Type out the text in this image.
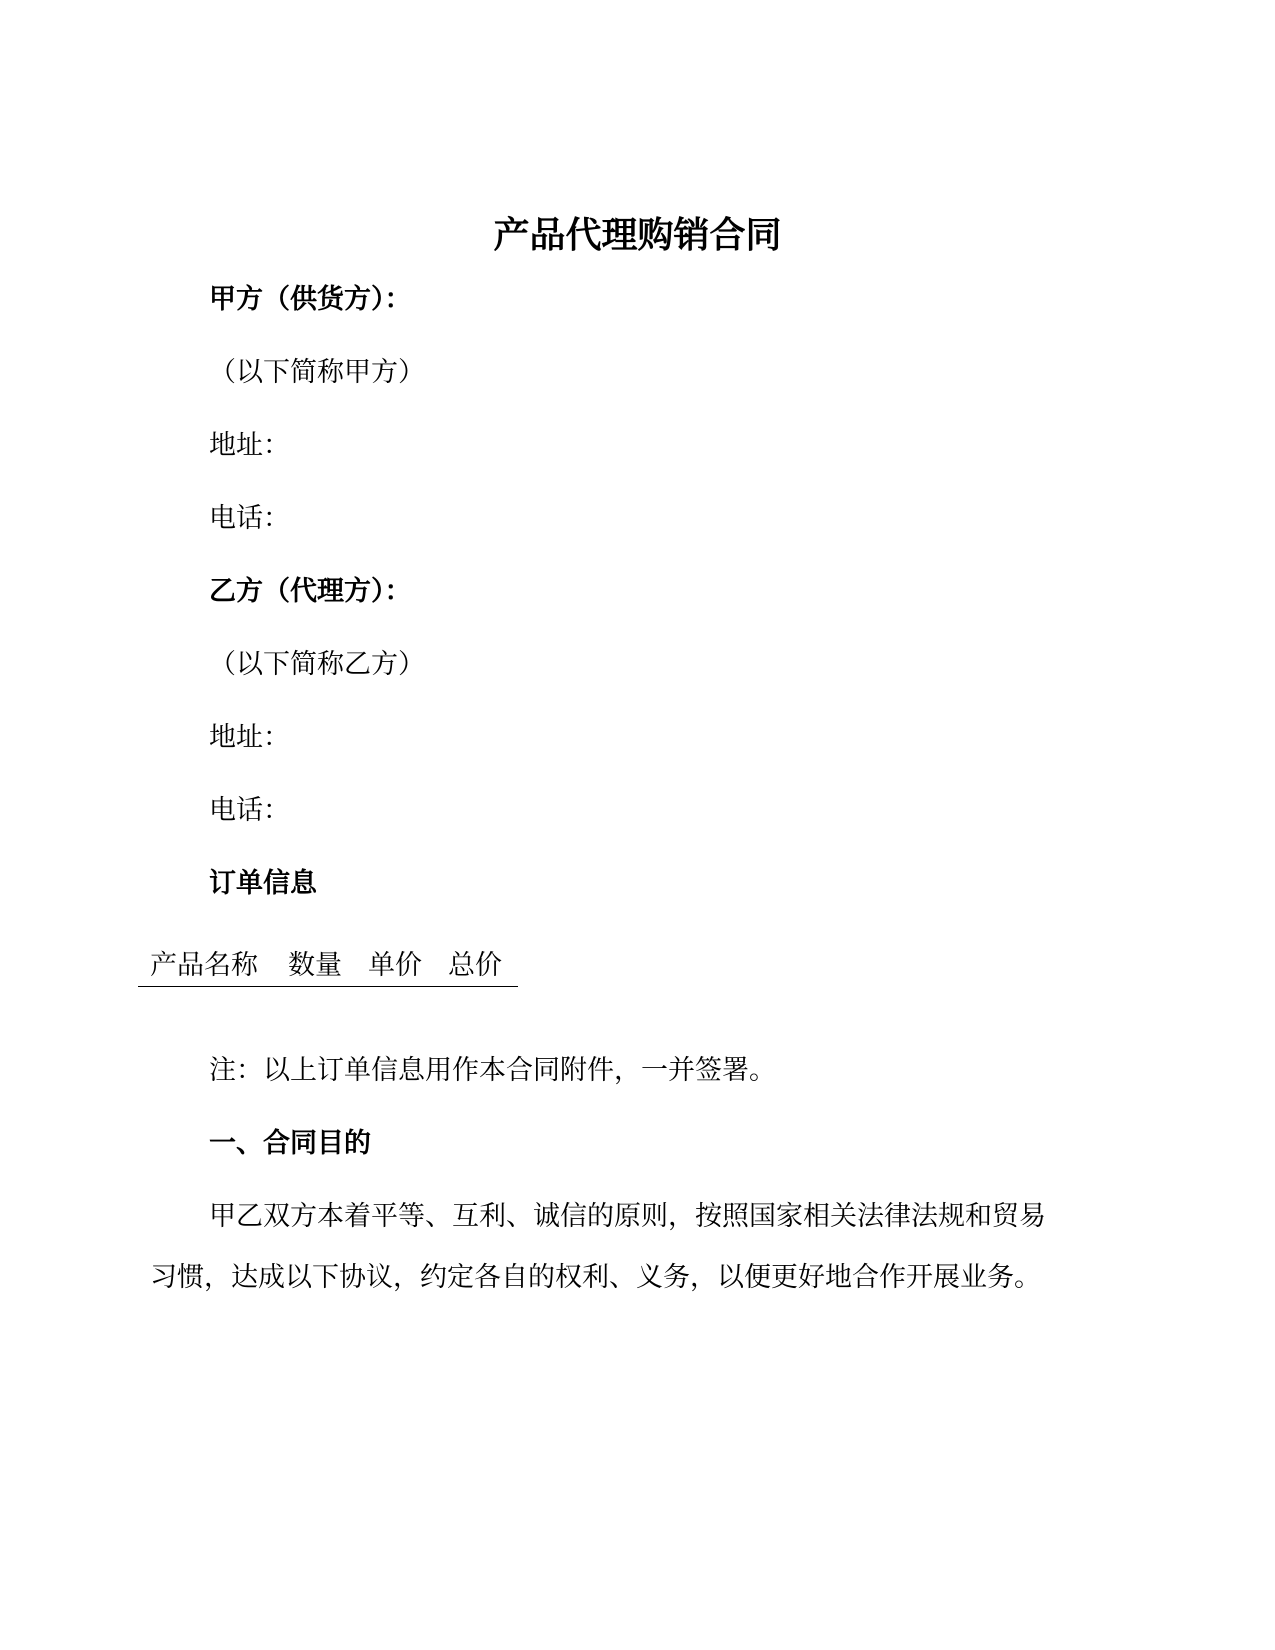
产品代理购销合同
甲方（供货方）：
（以下简称甲方）
地址：
电话：
乙方（代理方）：
（以下简称乙方）
地址：
电话：
订单信息
产品名称 数量 单价 总价
注：以上订单信息用作本合同附件，一并签署。
一、合同目的
甲乙双方本着平等、互利、诚信的原则，按照国家相关法律法规和贸易
习惯，达成以下协议，约定各自的权利、义务，以便更好地合作开展业务。
